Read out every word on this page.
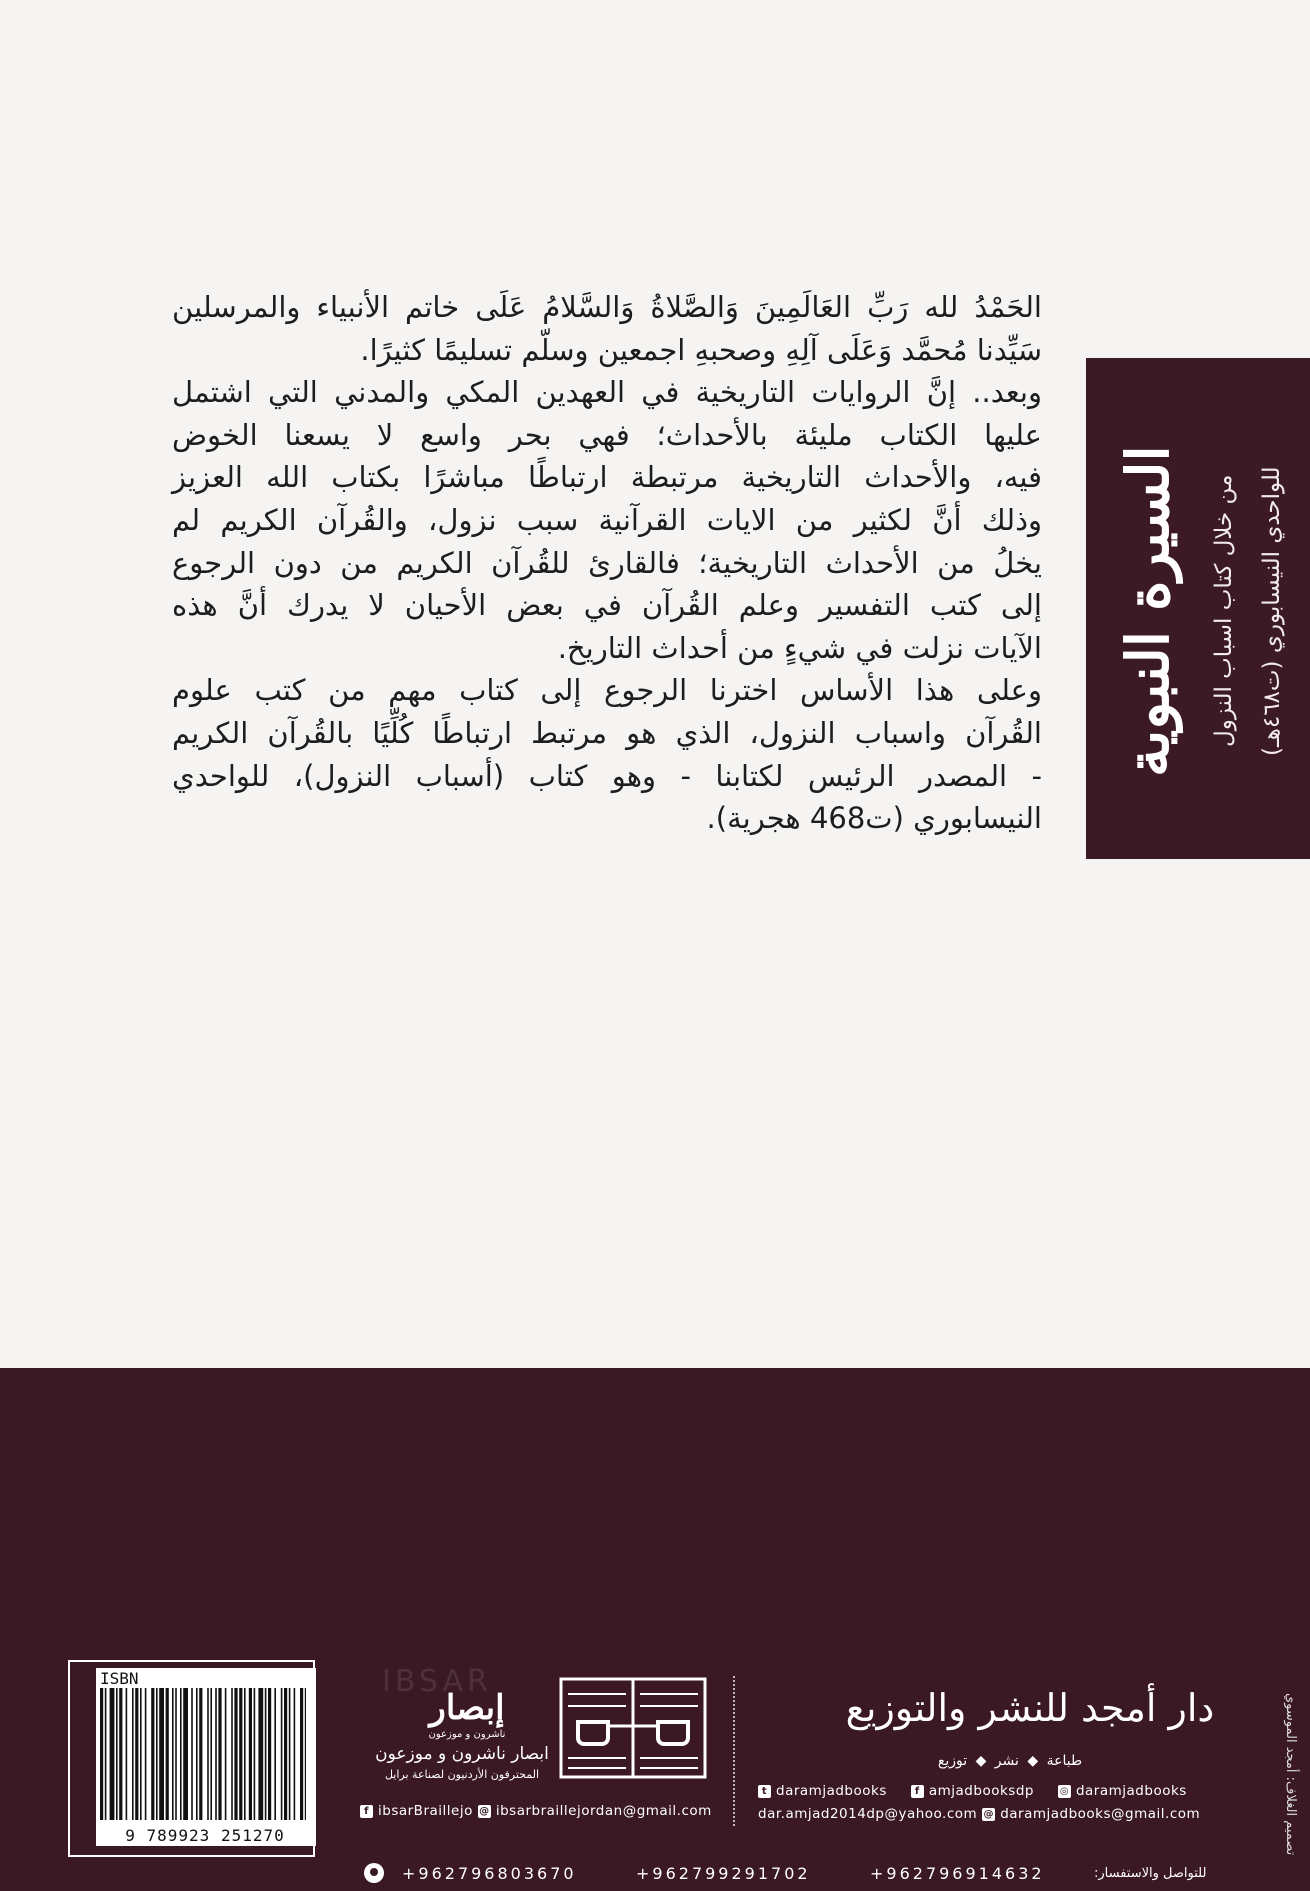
الحَمْدُ لله رَبِّ العَالَمِينَ وَالصَّلاةُ وَالسَّلامُ عَلَى خاتم الأنبياء والمرسلين
سَيِّدنا مُحمَّد وَعَلَى آلِهِ وصحبهِ اجمعين وسلّم تسليمًا كثيرًا.

وبعد.. إنَّ الروايات التاريخية في العهدين المكي والمدني التي اشتمل
عليها الكتاب مليئة بالأحداث؛ فهي بحر واسع لا يسعنا الخوض
فيه، والأحداث التاريخية مرتبطة ارتباطًا مباشرًا بكتاب الله العزيز
وذلك أنَّ لكثير من الايات القرآنية سبب نزول، والقُرآن الكريم لم
يخلُ من الأحداث التاريخية؛ فالقارئ للقُرآن الكريم من دون الرجوع
إلى كتب التفسير وعلم القُرآن في بعض الأحيان لا يدرك أنَّ هذه
الآيات نزلت في شيءٍ من أحداث التاريخ.

وعلى هذا الأساس اخترنا الرجوع إلى كتاب مهم من كتب علوم
القُرآن واسباب النزول، الذي هو مرتبط ارتباطًا كُلِّيًا بالقُرآن الكريم
- المصدر الرئيس لكتابنا - وهو كتاب (أسباب النزول)، للواحدي
النيسابوري (ت468 هجرية).

السيرة النبوية	من خلال كتاب اسباب النزول للواحدي النيسابوري (ت٤٦٨هـ)
ISBN
9 789923 251270
IBSAR
إبصار
ناشرون و موزعون
ابصار ناشرون و موزعون
المحترفون الأردنيون لصناعة برايل
f ibsarBraillejo @ ibsarbraillejordan@gmail.com
دار أمجد للنشر والتوزيع
طباعة ◆ نشر ◆ توزيع
t daramjadbooks	f amjadbooksdp	◎ daramjadbooks
dar.amjad2014dp@yahoo.com @ daramjadbooks@gmail.com	تصميم الغلاف: أمجد الموسوي
+962796803670	+962799291702	+962796914632	للتواصل والاستفسار:
